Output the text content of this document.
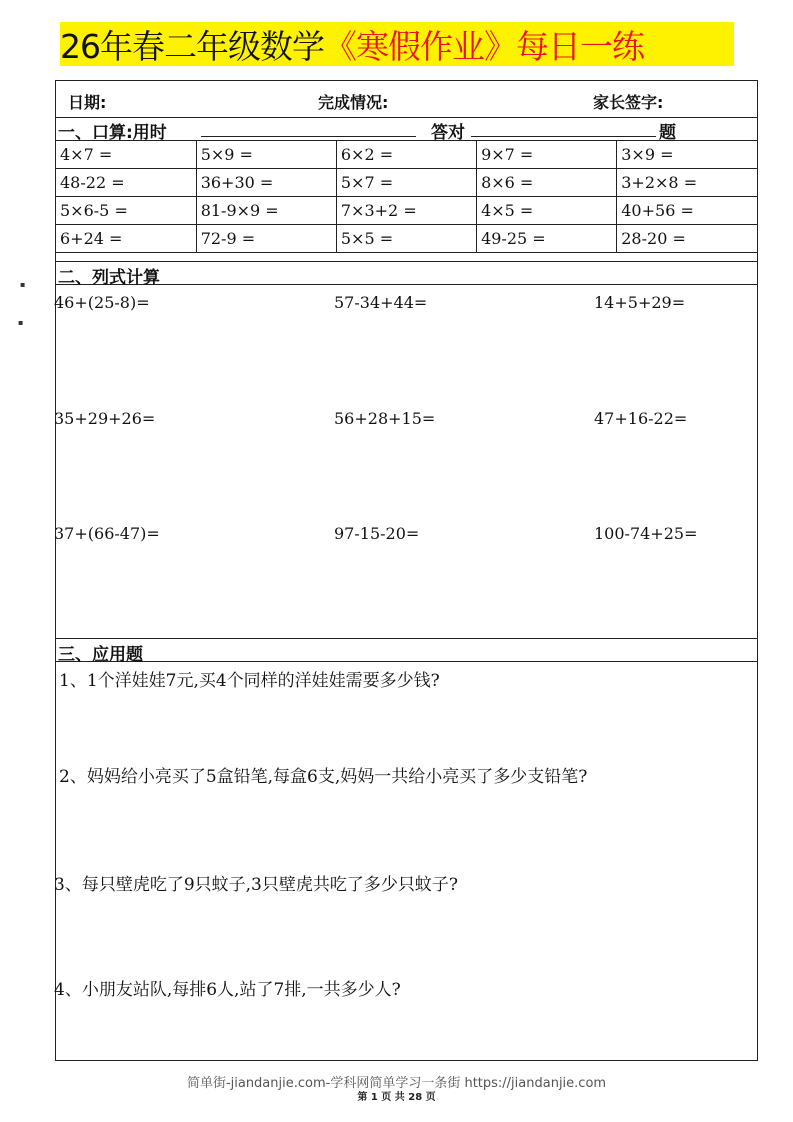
26年春二年级数学 《寒假作业》每日一练
▪
▪
日期:	完成情况:	家长签字:
一、口算:用时	答对	题
4×7 =	5×9 =	6×2 =	9×7 =	3×9 =
48-22 =	36+30 =	5×7 =	8×6 =	3+2×8 =
5×6-5 =	81-9×9 =	7×3+2 =	4×5 =	40+56 =
6+24 =	72-9 =	5×5 =	49-25 =	28-20 =
二、列式计算
46+(25-8)=	57-34+44=	14+5+29=
35+29+26=	56+28+15=	47+16-22=
37+(66-47)=	97-15-20=	100-74+25=
三、应用题
1、1个洋娃娃7元,买4个同样的洋娃娃需要多少钱?
2、妈妈给小亮买了5盒铅笔,每盒6支,妈妈一共给小亮买了多少支铅笔?
3、每只壁虎吃了9只蚊子,3只壁虎共吃了多少只蚊子?
4、小朋友站队,每排6人,站了7排,一共多少人?
简单街-jiandanjie.com-学科网简单学习一条街 https://jiandanjie.com
第 1 页 共 28 页
